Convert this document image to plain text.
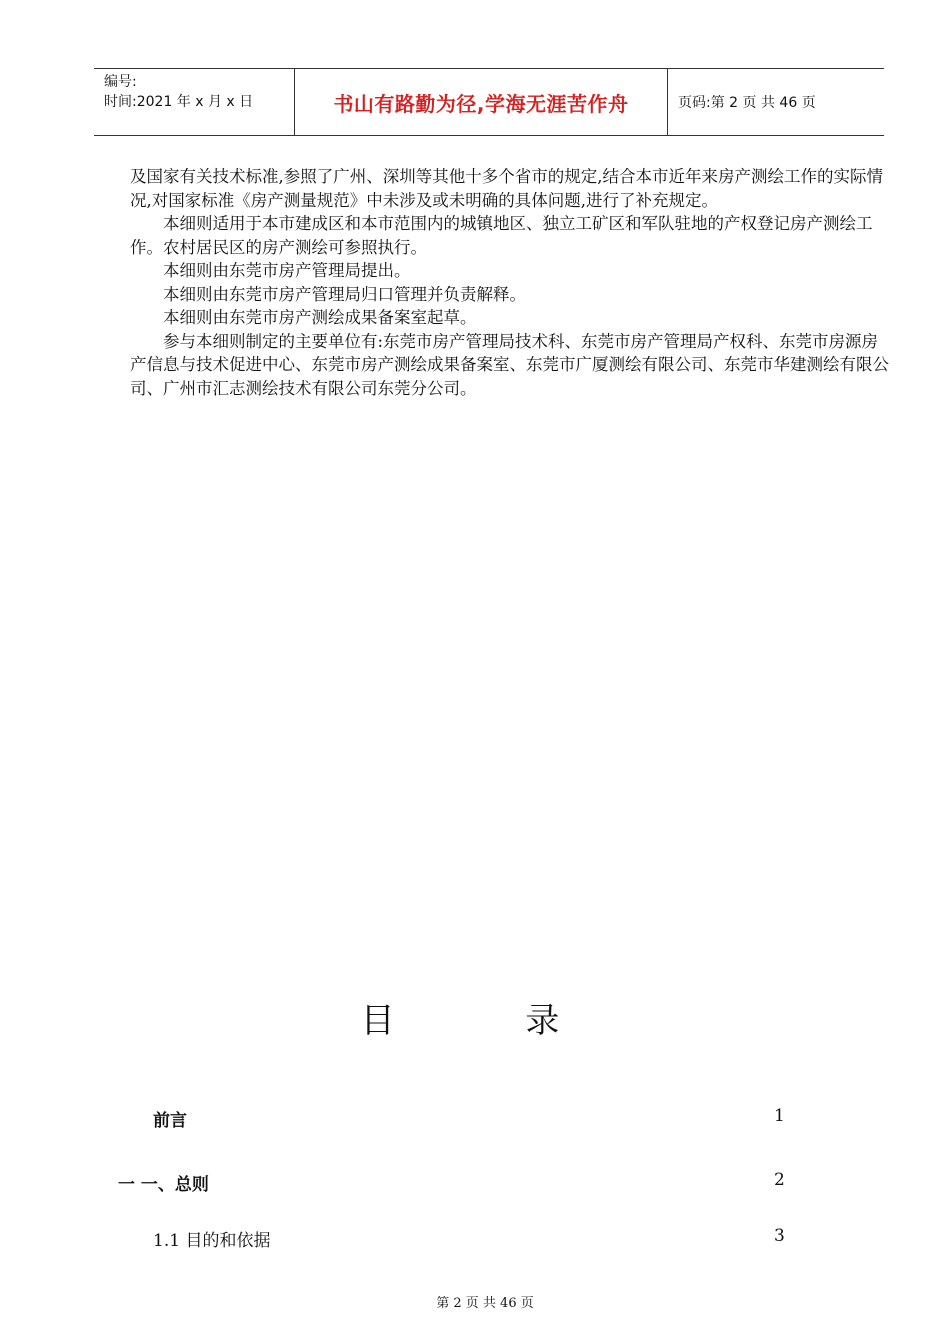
编号:
时间:2021 年 x 月 x 日	书山有路勤为径,学海无涯苦作舟	页码:第 2 页 共 46 页

及国家有关技术标准,参照了广州、深圳等其他十多个省市的规定,结合本市近年来房产测绘工作的实际情况,对国家标准《房产测量规范》中未涉及或未明确的具体问题,进行了补充规定。

本细则适用于本市建成区和本市范围内的城镇地区、独立工矿区和军队驻地的产权登记房产测绘工作。农村居民区的房产测绘可参照执行。

本细则由东莞市房产管理局提出。

本细则由东莞市房产管理局归口管理并负责解释。

本细则由东莞市房产测绘成果备案室起草。

参与本细则制定的主要单位有:东莞市房产管理局技术科、东莞市房产管理局产权科、东莞市房源房产信息与技术促进中心、东莞市房产测绘成果备案室、东莞市广厦测绘有限公司、东莞市华建测绘有限公司、广州市汇志测绘技术有限公司东莞分公司。

目 录
前言	1
一 一、总则	2
1.1 目的和依据	3
第 2 页 共 46 页
